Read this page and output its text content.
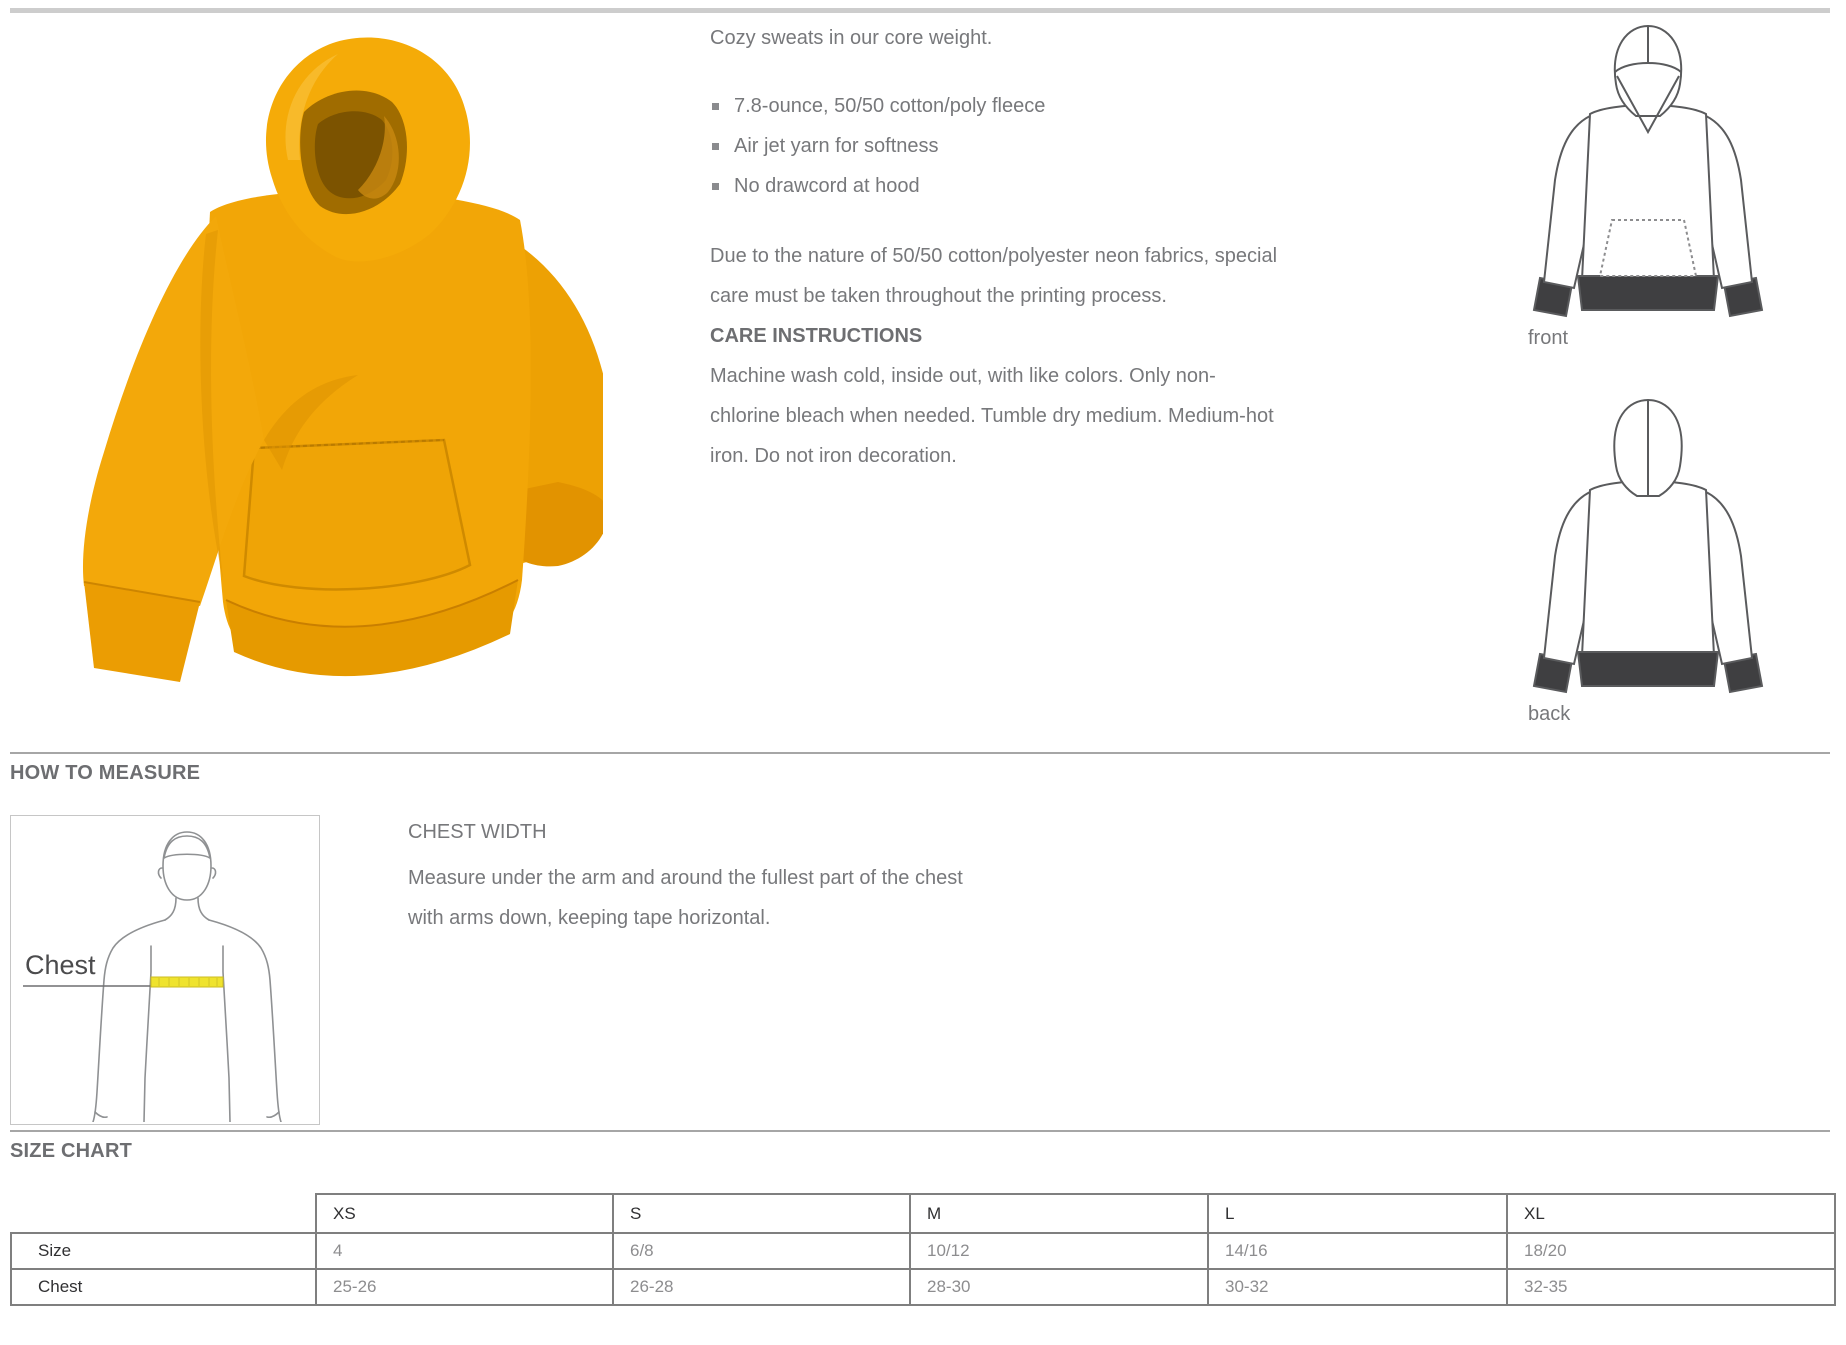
Cozy sweats in our core weight.

7.8-ounce, 50/50 cotton/poly fleece
Air jet yarn for softness
No drawcord at hood

Due to the nature of 50/50 cotton/polyester neon fabrics, special care must be taken throughout the printing process.

CARE INSTRUCTIONS

Machine wash cold, inside out, with like colors. Only non-chlorine bleach when needed. Tumble dry medium. Medium-hot iron. Do not iron decoration.

front
back
HOW TO MEASURE
Chest
CHEST WIDTH

Measure under the arm and around the fullest part of the chest with arms down, keeping tape horizontal.

SIZE CHART
	XS	S	M	L	XL
Size	4	6/8	10/12	14/16	18/20
Chest	25-26	26-28	28-30	30-32	32-35
